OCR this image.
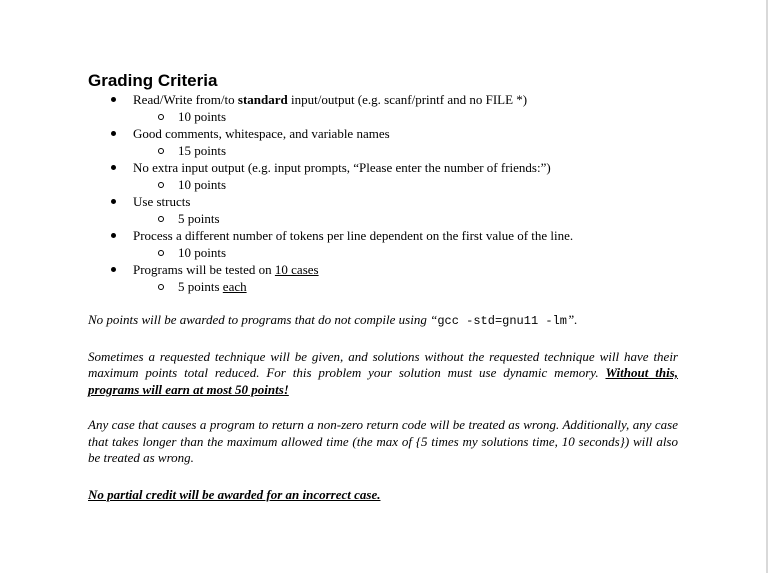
Grading Criteria
Read/Write from/to standard input/output (e.g. scanf/printf and no FILE *)
10 points
Good comments, whitespace, and variable names
15 points
No extra input output (e.g. input prompts, “Please enter the number of friends:”)
10 points
Use structs
5 points
Process a different number of tokens per line dependent on the first value of the line.
10 points
Programs will be tested on 10 cases
5 points each

No points will be awarded to programs that do not compile using “gcc -std=gnu11 -lm”.

Sometimes a requested technique will be given, and solutions without the requested technique will have their maximum points total reduced. For this problem your solution must use dynamic memory. Without this, programs will earn at most 50 points!

Any case that causes a program to return a non-zero return code will be treated as wrong. Additionally, any case that takes longer than the maximum allowed time (the max of {5 times my solutions time, 10 seconds}) will also be treated as wrong.

No partial credit will be awarded for an incorrect case.
